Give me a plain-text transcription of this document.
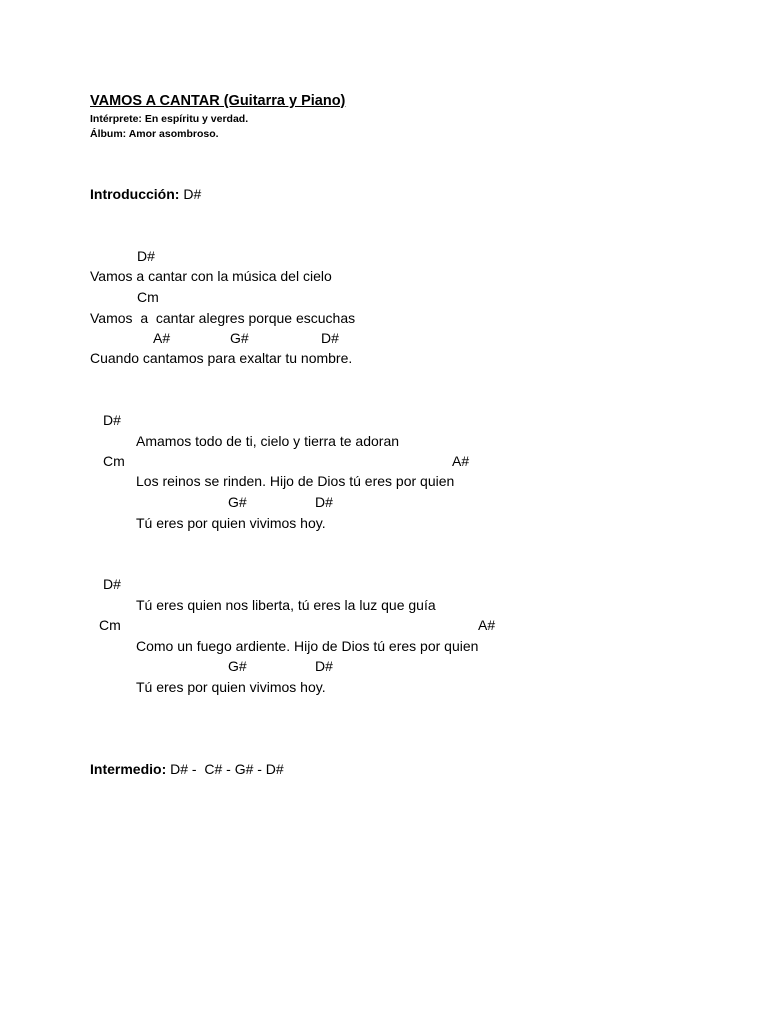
VAMOS A CANTAR (Guitarra y Piano)
Intérprete: En espíritu y verdad.
Álbum: Amor asombroso.
Introducción: D#
D#
Vamos a cantar con la música del cielo
Cm
Vamos  a  cantar alegres porque escuchas
A#	G#	D#
Cuando cantamos para exaltar tu nombre.
D#
Amamos todo de ti, cielo y tierra te adoran
Cm	A#
Los reinos se rinden. Hijo de Dios tú eres por quien
G#	D#
Tú eres por quien vivimos hoy.
D#
Tú eres quien nos liberta, tú eres la luz que guía
Cm	A#
Como un fuego ardiente. Hijo de Dios tú eres por quien
G#	D#
Tú eres por quien vivimos hoy.
Intermedio: D# -  C# - G# - D#
